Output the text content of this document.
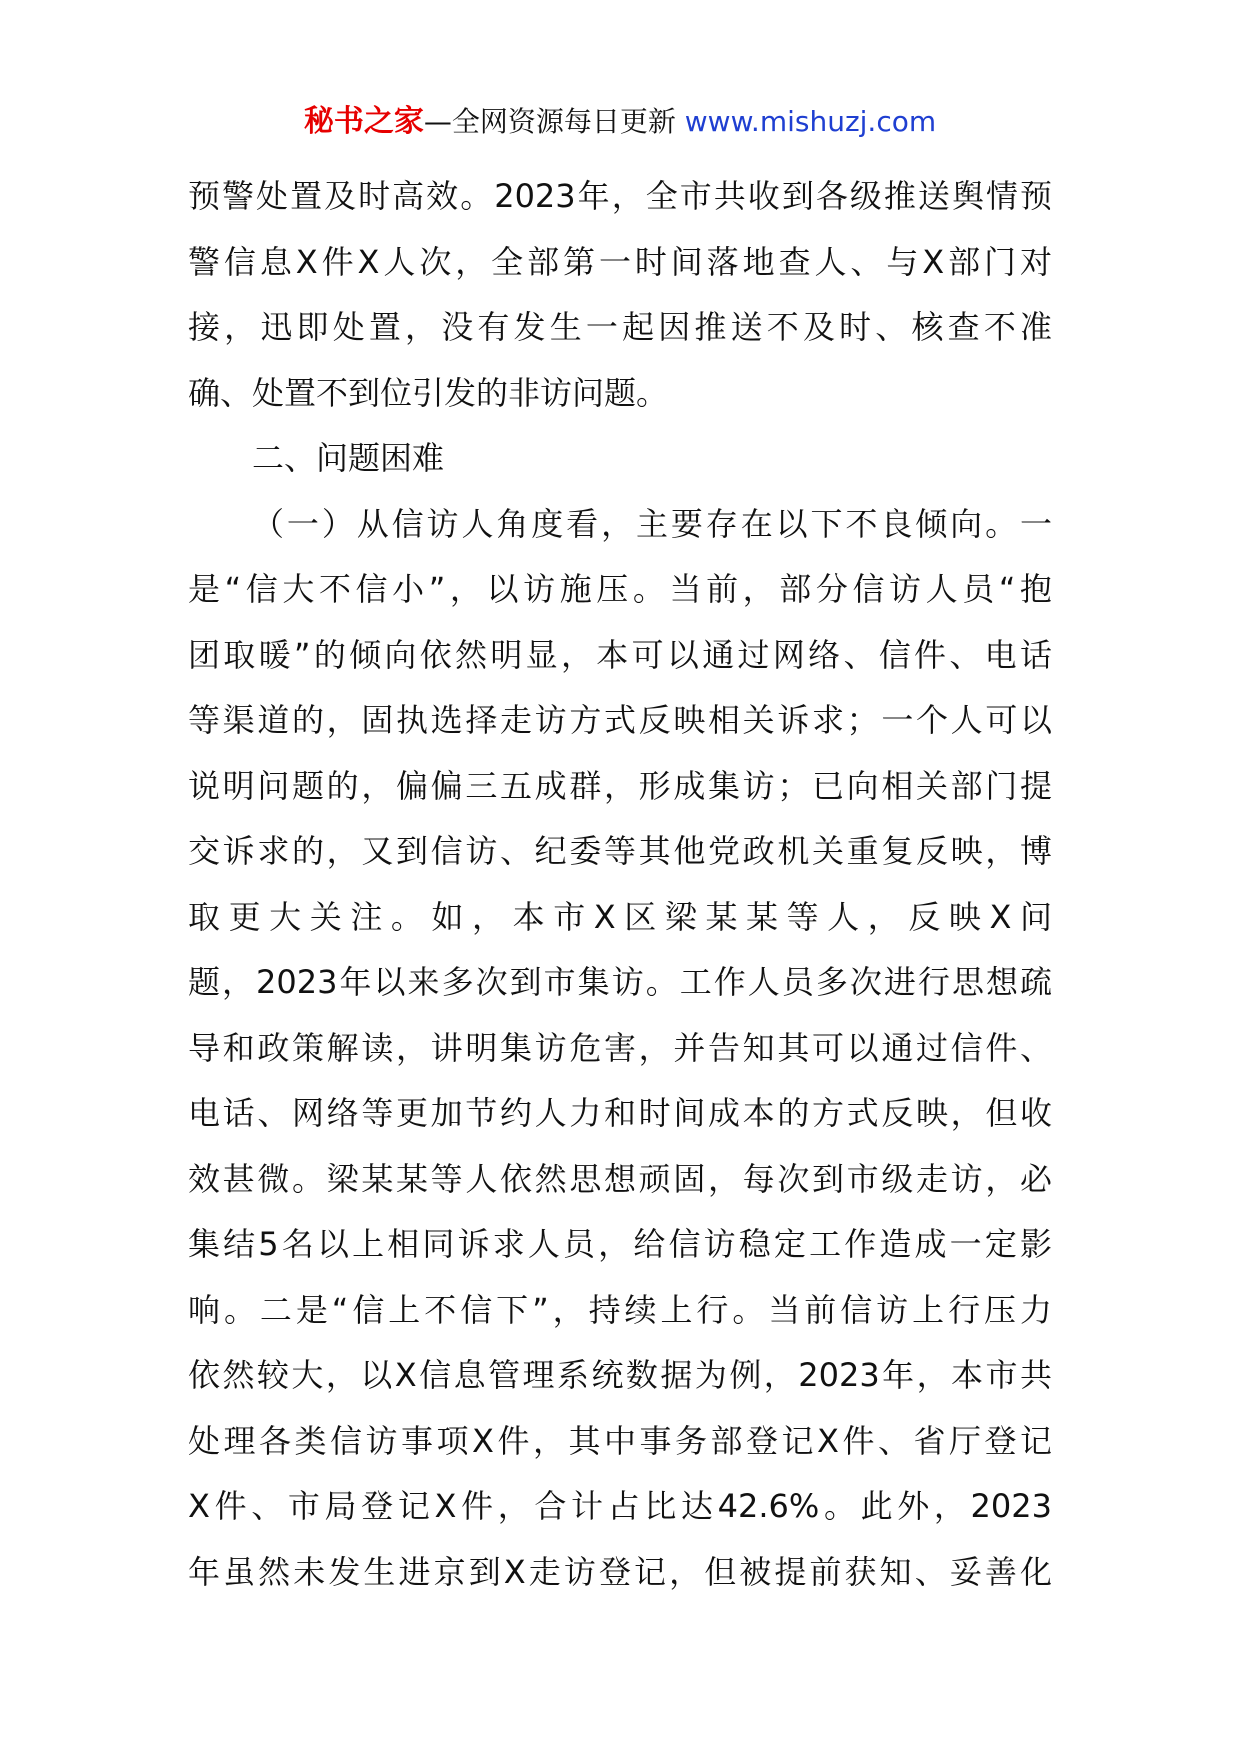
秘书之家—全网资源每日更新 www.mishuzj.com
预警处置及时高效。2023年，全市共收到各级推送舆情预
警信息X件X人次，全部第一时间落地查人、与X部门对
接，迅即处置，没有发生一起因推送不及时、核查不准
确、处置不到位引发的非访问题。
二、问题困难
（一）从信访人角度看，主要存在以下不良倾向。一
是“信大不信小”，以访施压。当前，部分信访人员“抱
团取暖”的倾向依然明显，本可以通过网络、信件、电话
等渠道的，固执选择走访方式反映相关诉求；一个人可以
说明问题的，偏偏三五成群，形成集访；已向相关部门提
交诉求的，又到信访、纪委等其他党政机关重复反映，博
取更大关注。如，本市X区梁某某等人，反映X问
题，2023年以来多次到市集访。工作人员多次进行思想疏
导和政策解读，讲明集访危害，并告知其可以通过信件、
电话、网络等更加节约人力和时间成本的方式反映，但收
效甚微。梁某某等人依然思想顽固，每次到市级走访，必
集结5名以上相同诉求人员，给信访稳定工作造成一定影
响。二是“信上不信下”，持续上行。当前信访上行压力
依然较大，以X信息管理系统数据为例，2023年，本市共
处理各类信访事项X件，其中事务部登记X件、省厅登记
X件、市局登记X件，合计占比达42.6%。此外，2023
年虽然未发生进京到X走访登记，但被提前获知、妥善化
